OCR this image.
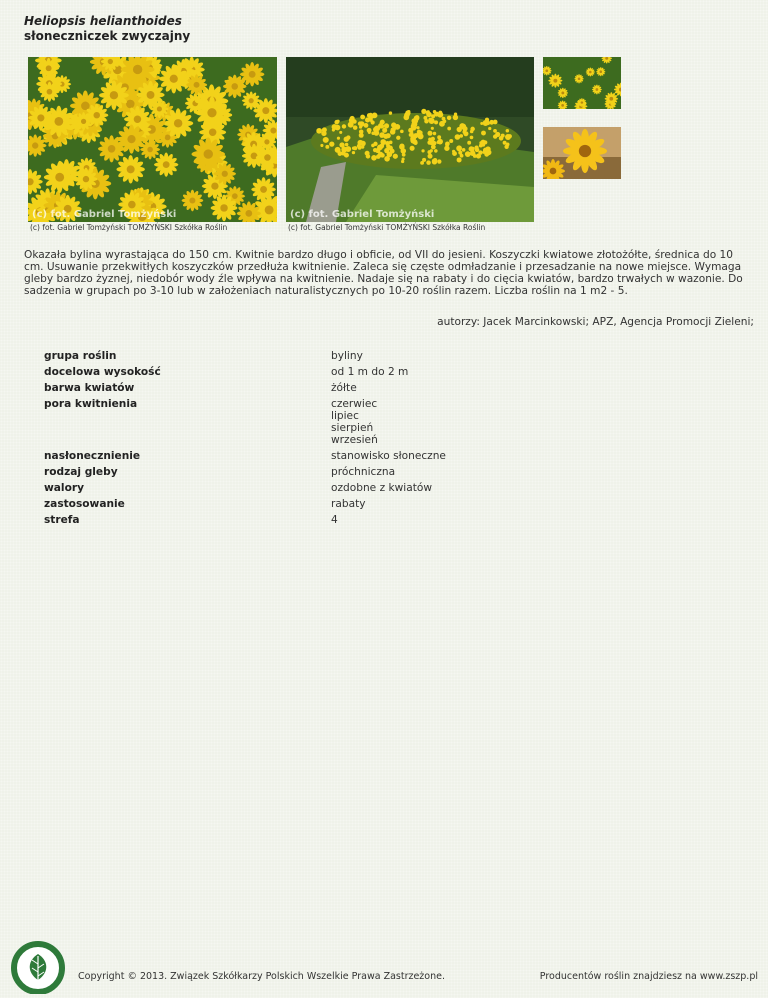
Heliopsis helianthoides
słoneczniczek zwyczajny
(c) fot. Gabriel Tomżyński
(c) fot. Gabriel Tomżyński TOMŻYŃSKI Szkółka Roślin
(c) fot. Gabriel Tomżyński
(c) fot. Gabriel Tomżyński TOMŻYŃSKI Szkółka Roślin
Okazała bylina wyrastająca do 150 cm. Kwitnie bardzo długo i obficie, od VII do jesieni. Koszyczki kwiatowe złotożółte, średnica do 10 cm. Usuwanie przekwitłych koszyczków przedłuża kwitnienie. Zaleca się częste odmładzanie i przesadzanie na nowe miejsce. Wymaga gleby bardzo żyznej, niedobór wody źle wpływa na kwitnienie. Nadaje się na rabaty i do cięcia kwiatów, bardzo trwałych w wazonie. Do sadzenia w grupach po 3-10 lub w założeniach naturalistycznych po 10-20 roślin razem. Liczba roślin na 1 m2 - 5.
autorzy: Jacek Marcinkowski; APZ, Agencja Promocji Zieleni;
grupa roślin	byliny
docelowa wysokość	od 1 m do 2 m
barwa kwiatów	żółte
pora kwitnienia	czerwiec
lipiec
sierpień
wrzesień
nasłonecznienie	stanowisko słoneczne
rodzaj gleby	próchniczna
walory	ozdobne z kwiatów
zastosowanie	rabaty
strefa	4
Copyright © 2013. Związek Szkółkarzy Polskich Wszelkie Prawa Zastrzeżone.	Producentów roślin znajdziesz na www.zszp.pl
